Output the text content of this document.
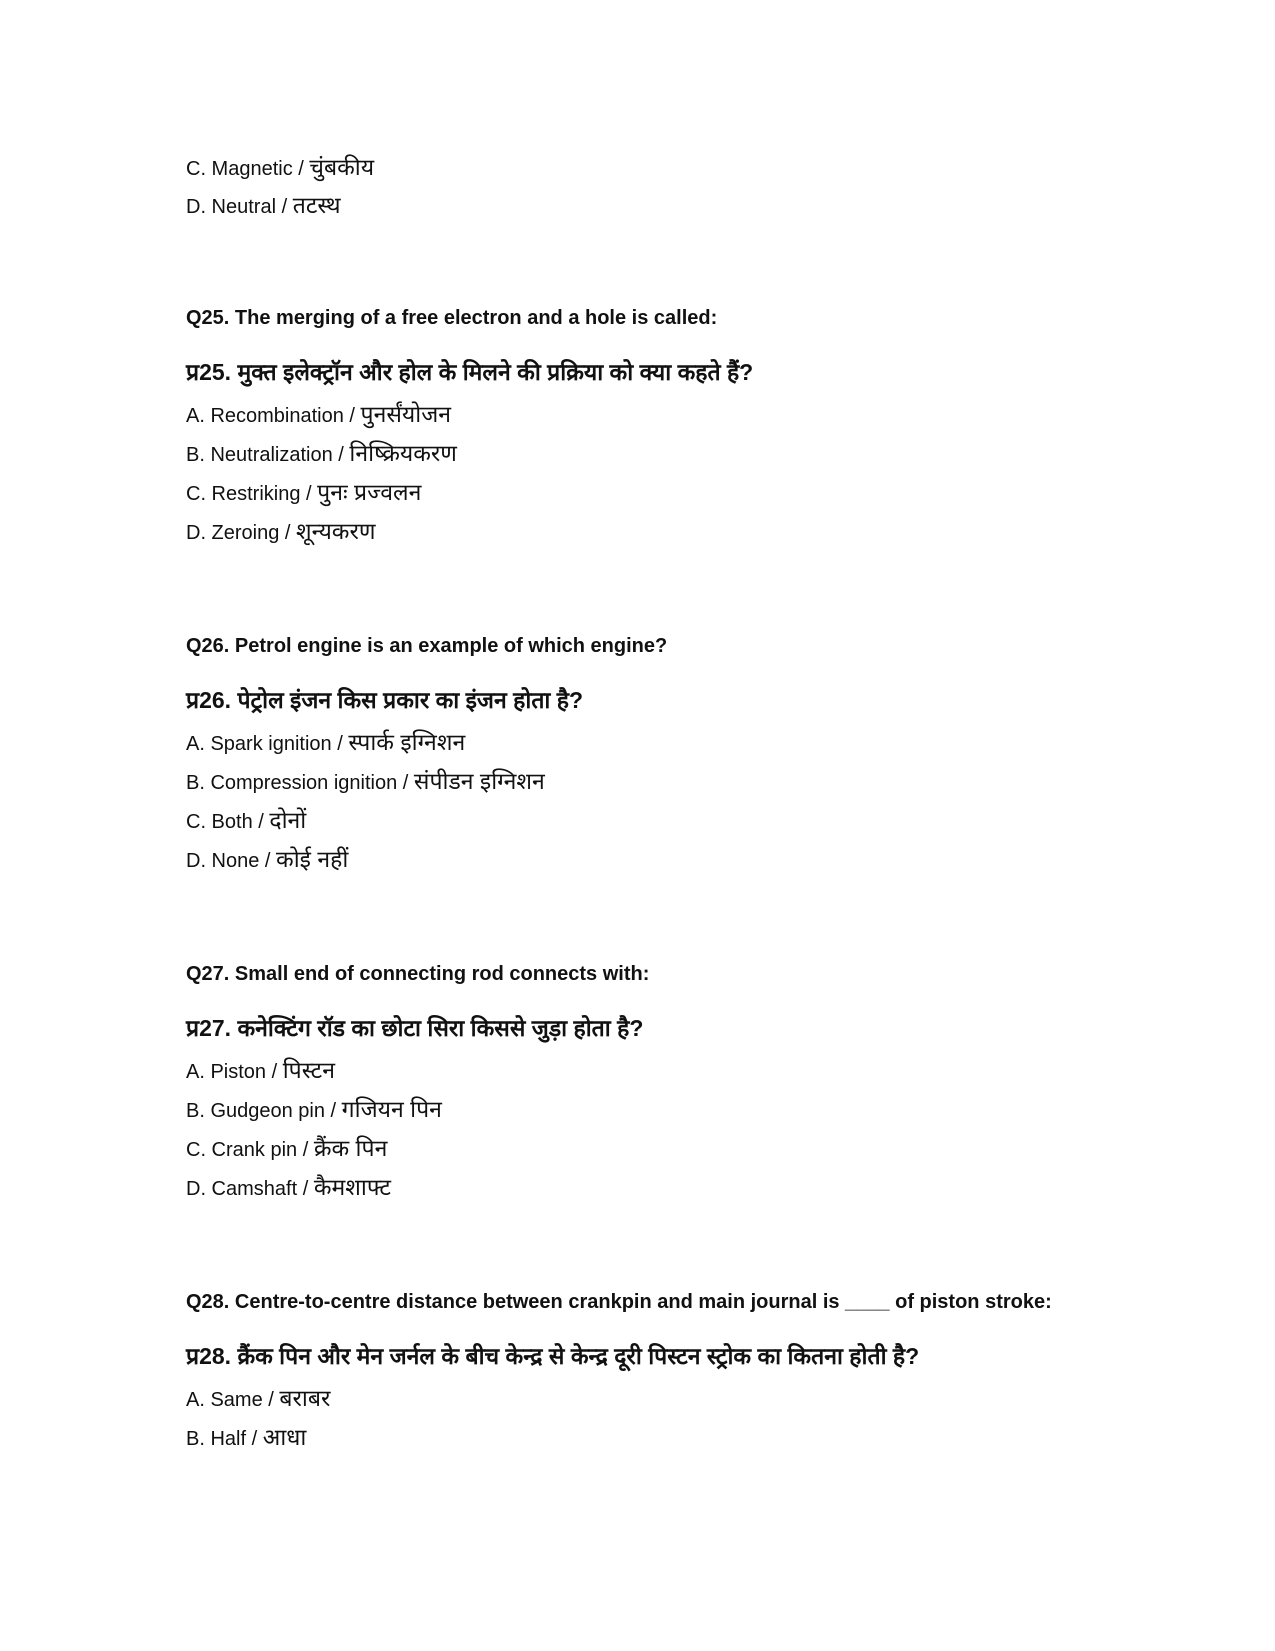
C. Magnetic / चुंबकीय
D. Neutral / तटस्थ
Q25. The merging of a free electron and a hole is called:
प्र25. मुक्त इलेक्ट्रॉन और होल के मिलने की प्रक्रिया को क्या कहते हैं?
A. Recombination / पुनर्संयोजन
B. Neutralization / निष्क्रियकरण
C. Restriking / पुनः प्रज्वलन
D. Zeroing / शून्यकरण
Q26. Petrol engine is an example of which engine?
प्र26. पेट्रोल इंजन किस प्रकार का इंजन होता है?
A. Spark ignition / स्पार्क इग्निशन
B. Compression ignition / संपीडन इग्निशन
C. Both / दोनों
D. None / कोई नहीं
Q27. Small end of connecting rod connects with:
प्र27. कनेक्टिंग रॉड का छोटा सिरा किससे जुड़ा होता है?
A. Piston / पिस्टन
B. Gudgeon pin / गजियन पिन
C. Crank pin / क्रैंक पिन
D. Camshaft / कैमशाफ्ट
Q28. Centre-to-centre distance between crankpin and main journal is ____ of piston stroke:
प्र28. क्रैंक पिन और मेन जर्नल के बीच केन्द्र से केन्द्र दूरी पिस्टन स्ट्रोक का कितना होती है?
A. Same / बराबर
B. Half / आधा
